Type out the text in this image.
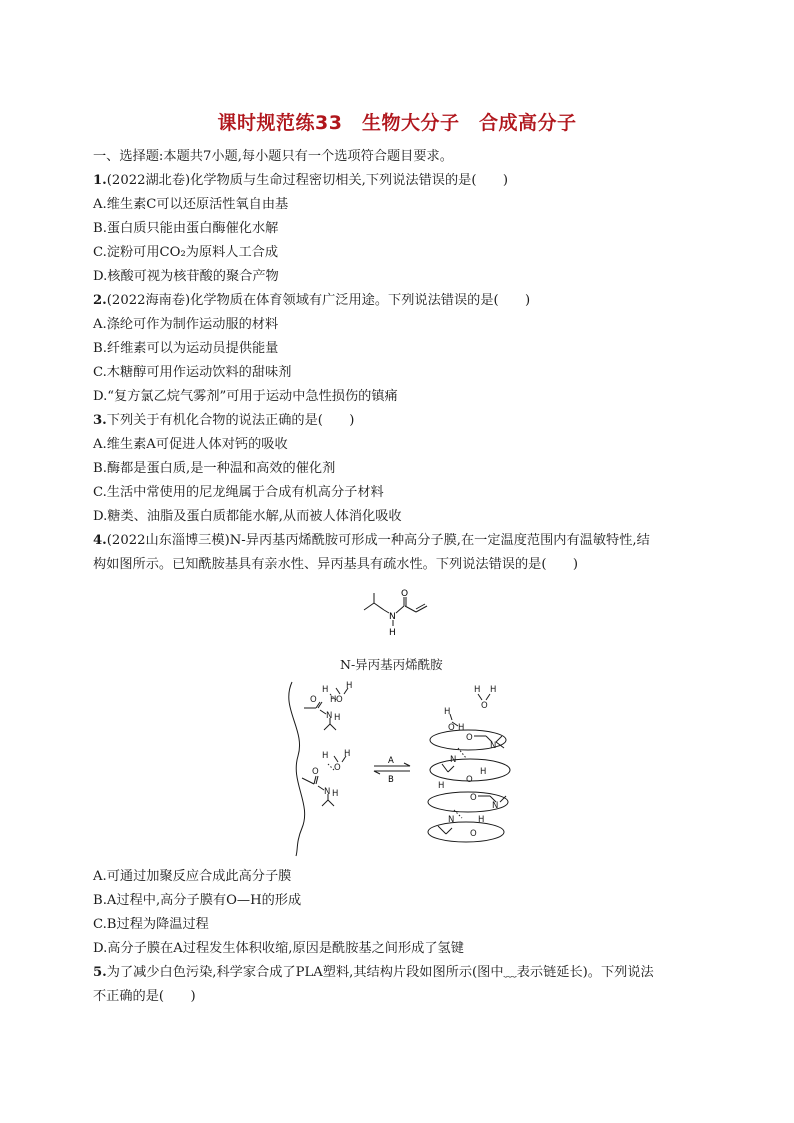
课时规范练33　生物大分子　合成高分子
一、选择题:本题共7小题,每小题只有一个选项符合题目要求。
1.(2022湖北卷)化学物质与生命过程密切相关,下列说法错误的是(　　)
A.维生素C可以还原活性氧自由基
B.蛋白质只能由蛋白酶催化水解
C.淀粉可用CO₂为原料人工合成
D.核酸可视为核苷酸的聚合产物
2.(2022海南卷)化学物质在体育领域有广泛用途。下列说法错误的是(　　)
A.涤纶可作为制作运动服的材料
B.纤维素可以为运动员提供能量
C.木糖醇可用作运动饮料的甜味剂
D.“复方氯乙烷气雾剂”可用于运动中急性损伤的镇痛
3.下列关于有机化合物的说法正确的是(　　)
A.维生素A可促进人体对钙的吸收
B.酶都是蛋白质,是一种温和高效的催化剂
C.生活中常使用的尼龙绳属于合成有机高分子材料
D.糖类、油脂及蛋白质都能水解,从而被人体消化吸收
4.(2022山东淄博三模)N-异丙基丙烯酰胺可形成一种高分子膜,在一定温度范围内有温敏特性,结
构如图所示。已知酰胺基具有亲水性、异丙基具有疏水性。下列说法错误的是(　　)
O
N
H
N-异丙基丙烯酰胺
H
O
H
H
O
N H
H
O
H
O
N H
H
O
H
H
O H
O
N
N
H
O
H
O
N
H
N
O
A
B
A.可通过加聚反应合成此高分子膜
B.A过程中,高分子膜有O—H的形成
C.B过程为降温过程
D.高分子膜在A过程发生体积收缩,原因是酰胺基之间形成了氢键
5.为了减少白色污染,科学家合成了PLA塑料,其结构片段如图所示(图中﹏表示链延长)。下列说法
不正确的是(　　)
